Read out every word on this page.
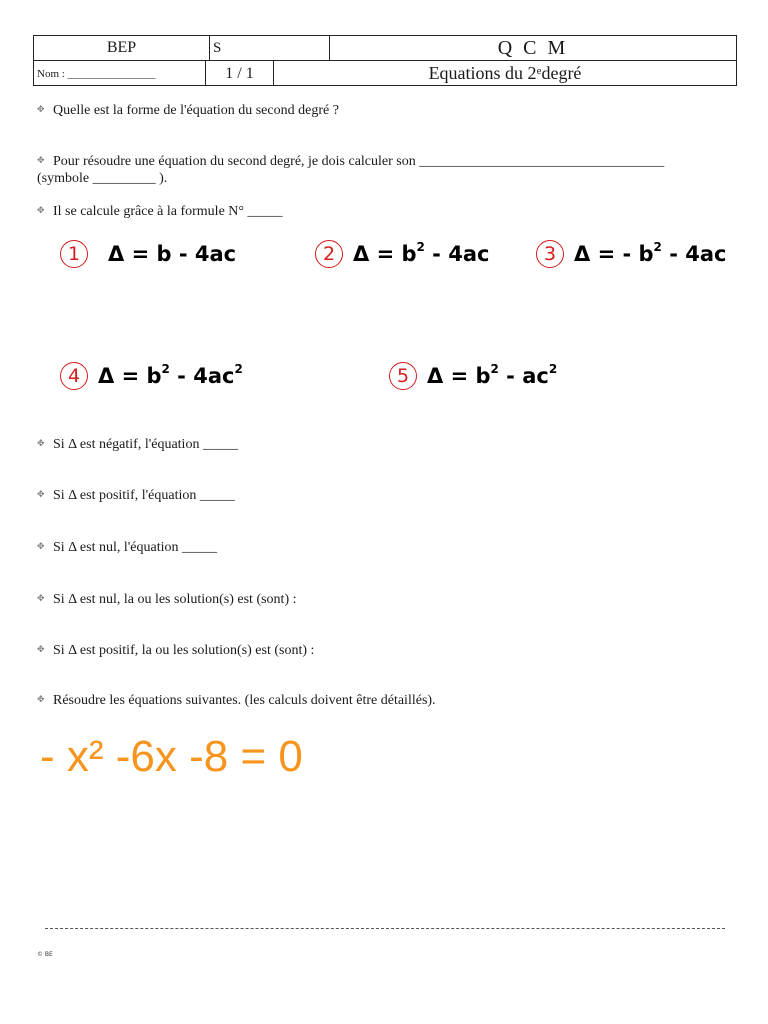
BEP	S	Q C M
Nom : ________________	1 / 1	Equations du 2e degré
✥ Quelle est la forme de l'équation du second degré ?
✥ Pour résoudre une équation du second degré, je dois calculer son ___________________________________
(symbole _________ ).
✥ Il se calcule grâce à la formule N° _____
1	Δ = b - 4ac	2 $\Delta = b^2 - 4ac$	3 Δ = - $b^2 - 4ac$
4 $\Delta = b^2 - 4ac^2$	5 $\Delta = b^2 - ac^2$
✥ Si Δ est négatif, l'équation _____
✥ Si Δ est positif, l'équation _____
✥ Si Δ est nul, l'équation _____
✥ Si Δ est nul, la ou les solution(s) est (sont) :
✥ Si Δ est positif, la ou les solution(s) est (sont) :
✥ Résoudre les équations suivantes. (les calculs doivent être détaillés).
- x² -6x -8 = 0
© BE
